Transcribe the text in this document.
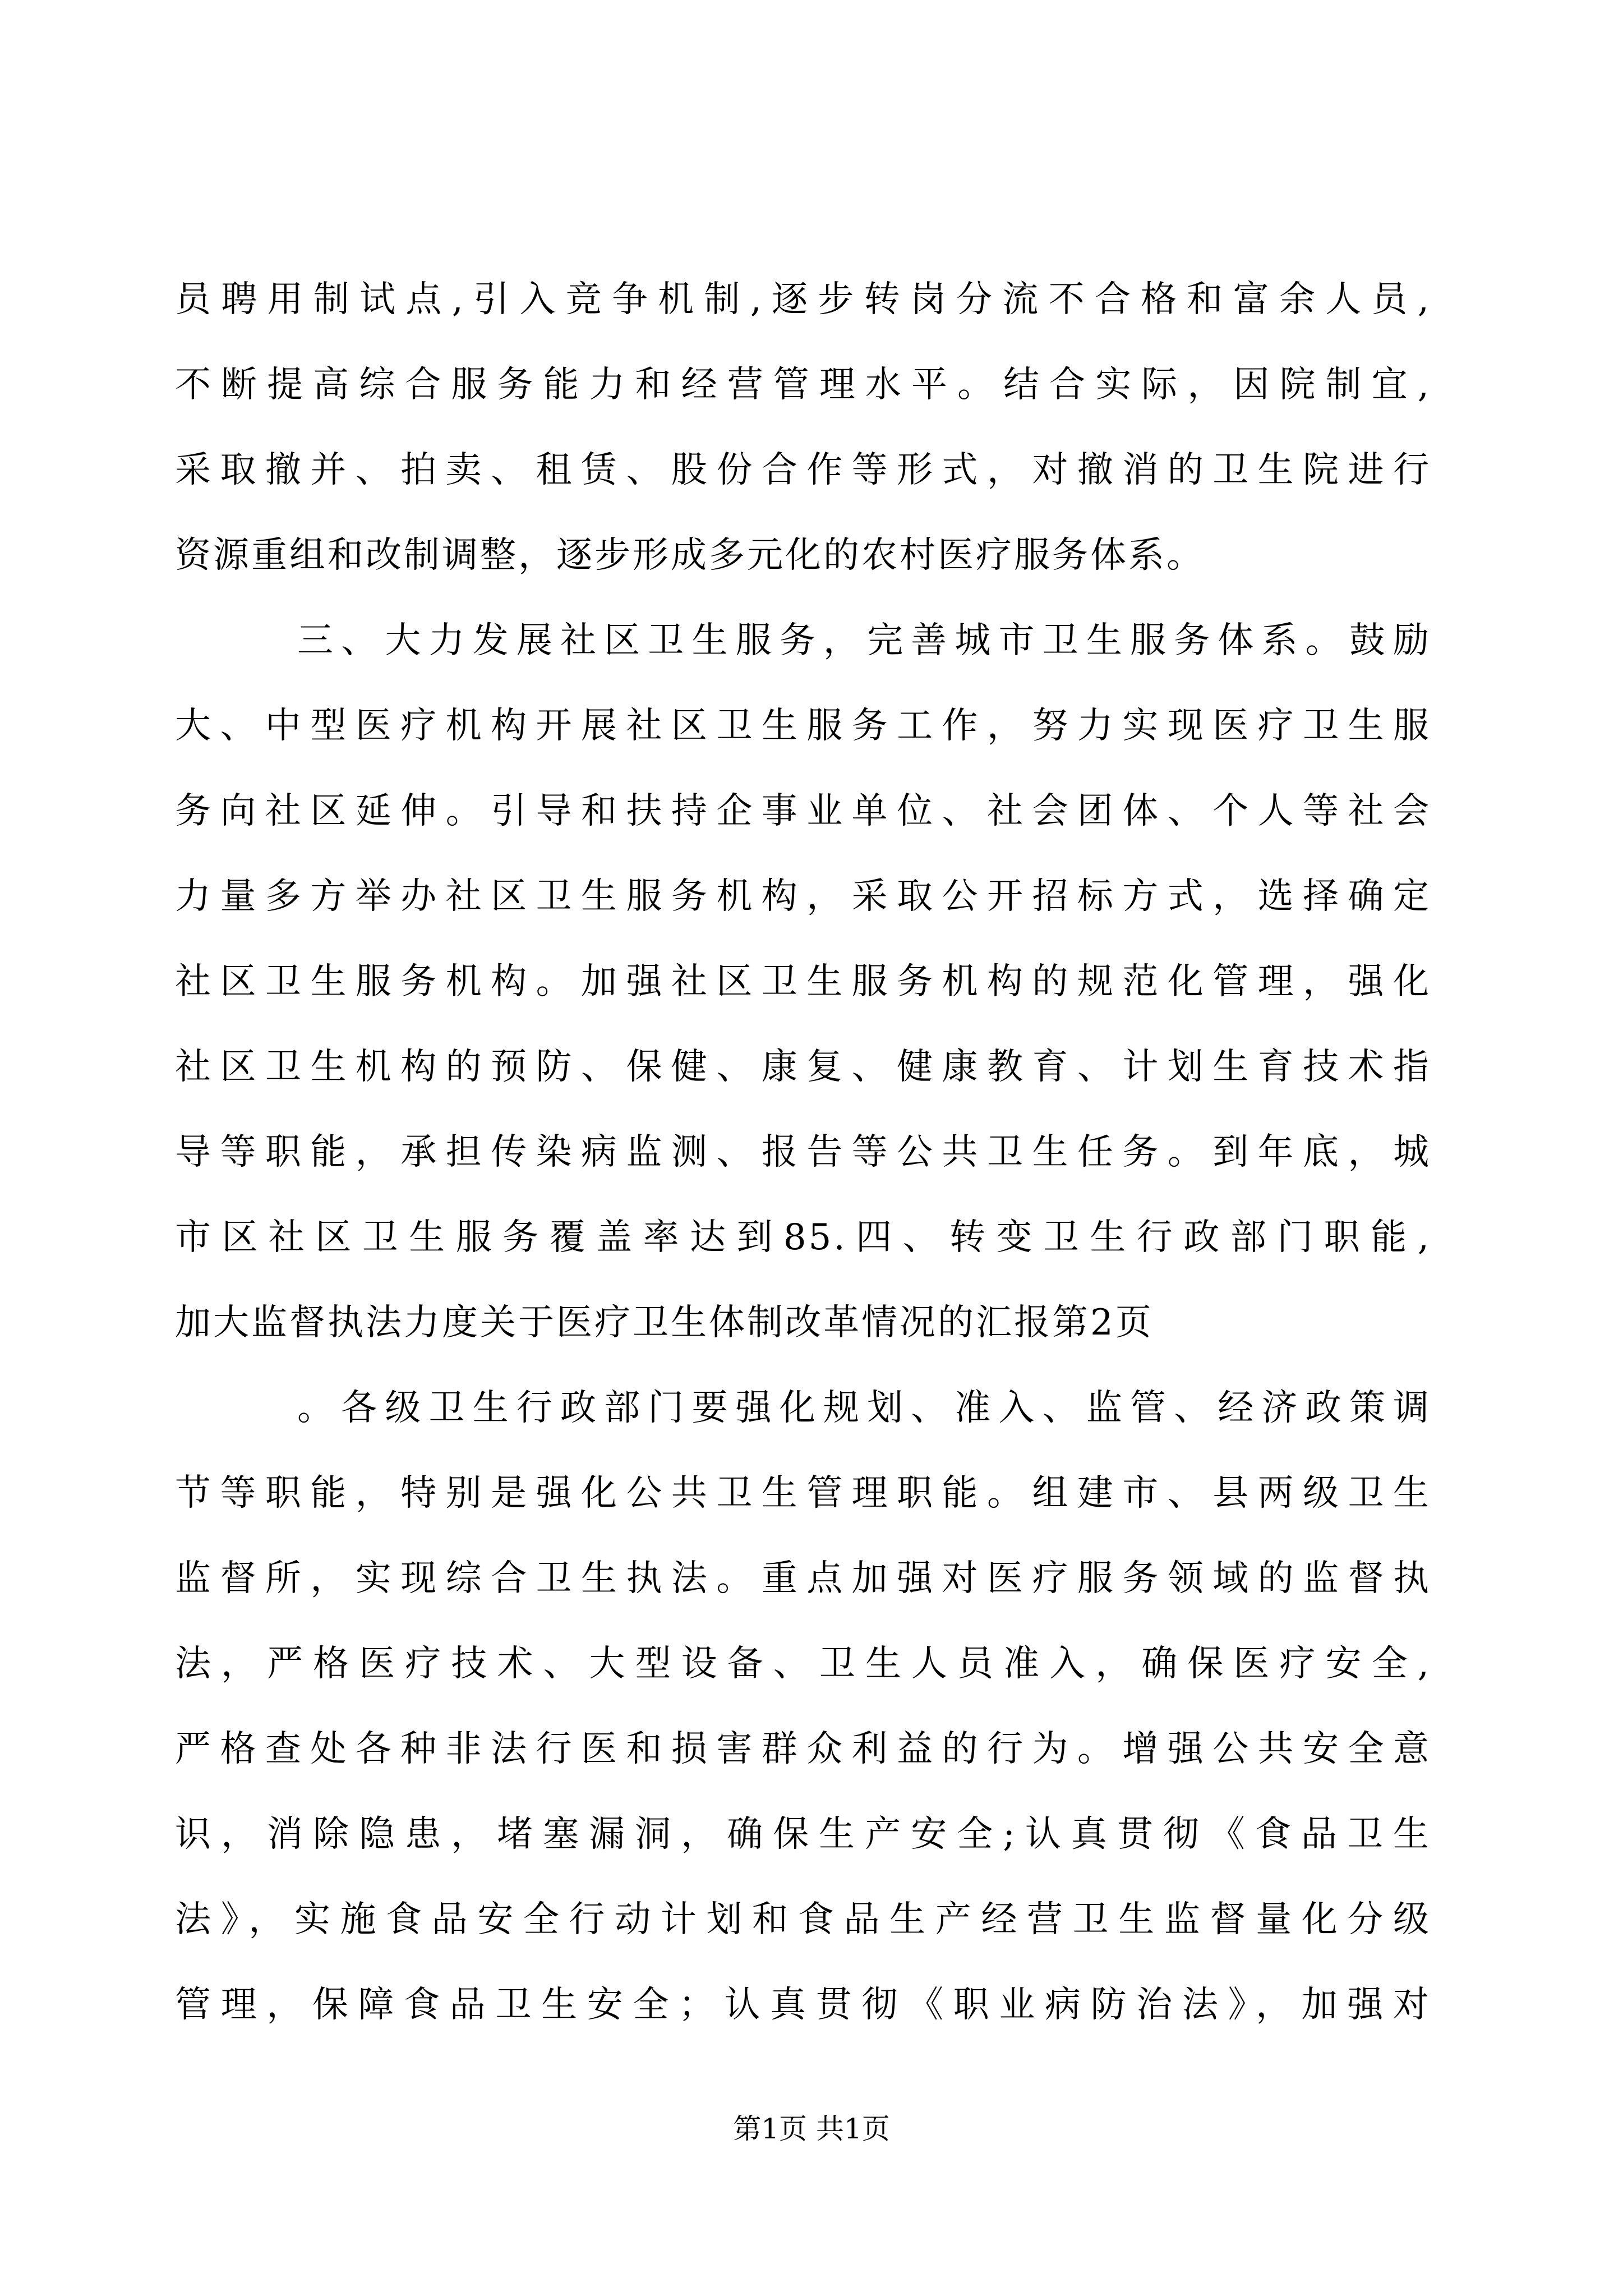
员聘用制试点,引入竞争机制,逐步转岗分流不合格和富余人员,
不断提高综合服务能力和经营管理水平。结合实际，因院制宜,
采取撤并、拍卖、租赁、股份合作等形式，对撤消的卫生院进行
资源重组和改制调整，逐步形成多元化的农村医疗服务体系。
三、大力发展社区卫生服务，完善城市卫生服务体系。鼓励
大、中型医疗机构开展社区卫生服务工作，努力实现医疗卫生服
务向社区延伸。引导和扶持企事业单位、社会团体、个人等社会
力量多方举办社区卫生服务机构，采取公开招标方式，选择确定
社区卫生服务机构。加强社区卫生服务机构的规范化管理，强化
社区卫生机构的预防、保健、康复、健康教育、计划生育技术指
导等职能，承担传染病监测、报告等公共卫生任务。到年底，城
市区社区卫生服务覆盖率达到85.四、转变卫生行政部门职能,
加大监督执法力度关于医疗卫生体制改革情况的汇报第2页
。各级卫生行政部门要强化规划、准入、监管、经济政策调
节等职能，特别是强化公共卫生管理职能。组建市、县两级卫生
监督所，实现综合卫生执法。重点加强对医疗服务领域的监督执
法，严格医疗技术、大型设备、卫生人员准入，确保医疗安全,
严格查处各种非法行医和损害群众利益的行为。增强公共安全意
识，消除隐患，堵塞漏洞，确保生产安全;认真贯彻《食品卫生
法》，实施食品安全行动计划和食品生产经营卫生监督量化分级
管理，保障食品卫生安全；认真贯彻《职业病防治法》，加强对
第1页 共1页
